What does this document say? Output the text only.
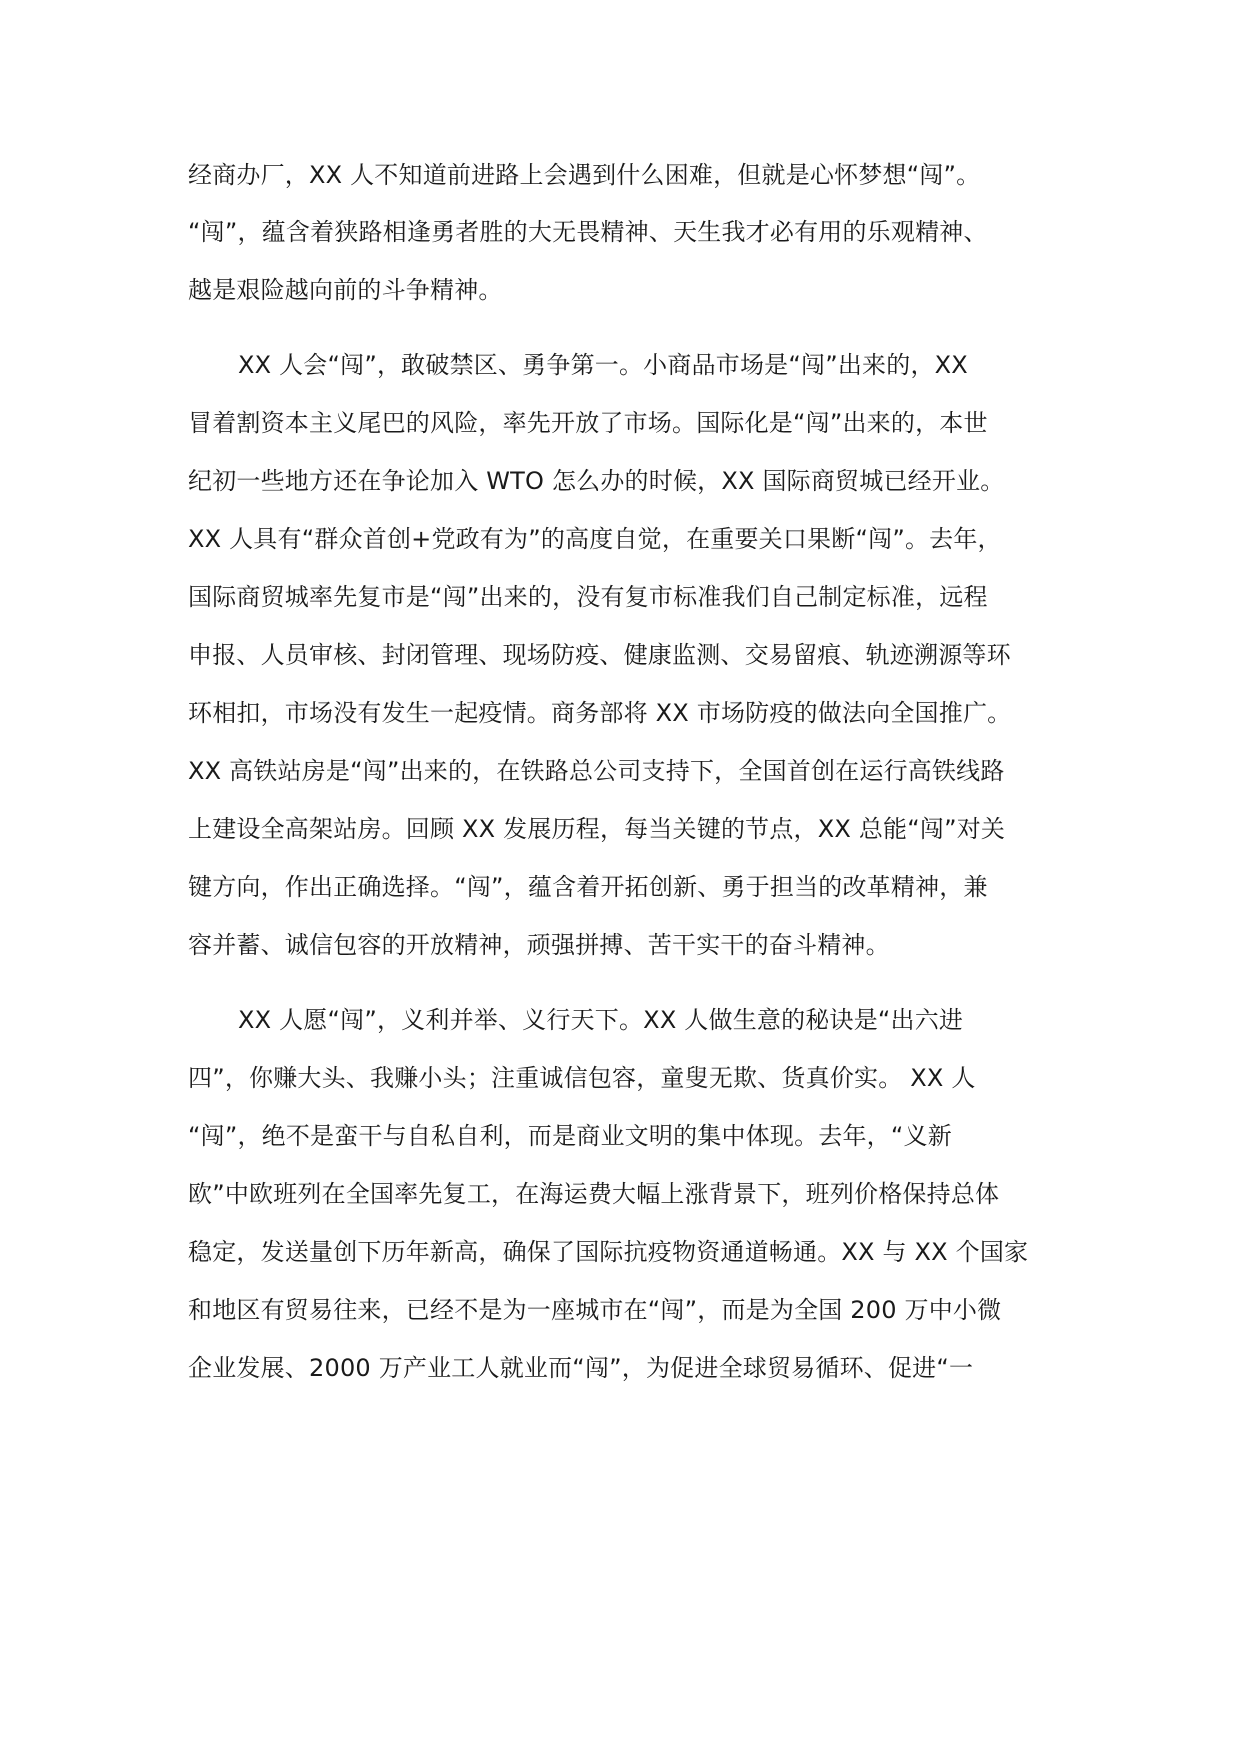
经商办厂，XX 人不知道前进路上会遇到什么困难，但就是心怀梦想“闯”。
“闯”，蕴含着狭路相逢勇者胜的大无畏精神、天生我才必有用的乐观精神、
越是艰险越向前的斗争精神。
XX 人会“闯”，敢破禁区、勇争第一。小商品市场是“闯”出来的，XX
冒着割资本主义尾巴的风险，率先开放了市场。国际化是“闯”出来的，本世
纪初一些地方还在争论加入 WTO 怎么办的时候，XX 国际商贸城已经开业。
XX 人具有“群众首创+党政有为”的高度自觉，在重要关口果断“闯”。去年，
国际商贸城率先复市是“闯”出来的，没有复市标准我们自己制定标准，远程
申报、人员审核、封闭管理、现场防疫、健康监测、交易留痕、轨迹溯源等环
环相扣，市场没有发生一起疫情。商务部将 XX 市场防疫的做法向全国推广。
XX 高铁站房是“闯”出来的，在铁路总公司支持下，全国首创在运行高铁线路
上建设全高架站房。回顾 XX 发展历程，每当关键的节点，XX 总能“闯”对关
键方向，作出正确选择。“闯”，蕴含着开拓创新、勇于担当的改革精神，兼
容并蓄、诚信包容的开放精神，顽强拼搏、苦干实干的奋斗精神。
XX 人愿“闯”，义利并举、义行天下。XX 人做生意的秘诀是“出六进
四”，你赚大头、我赚小头；注重诚信包容，童叟无欺、货真价实。 XX 人
“闯”，绝不是蛮干与自私自利，而是商业文明的集中体现。去年，“义新
欧”中欧班列在全国率先复工，在海运费大幅上涨背景下，班列价格保持总体
稳定，发送量创下历年新高，确保了国际抗疫物资通道畅通。XX 与 XX 个国家
和地区有贸易往来，已经不是为一座城市在“闯”，而是为全国 200 万中小微
企业发展、2000 万产业工人就业而“闯”，为促进全球贸易循环、促进“一
